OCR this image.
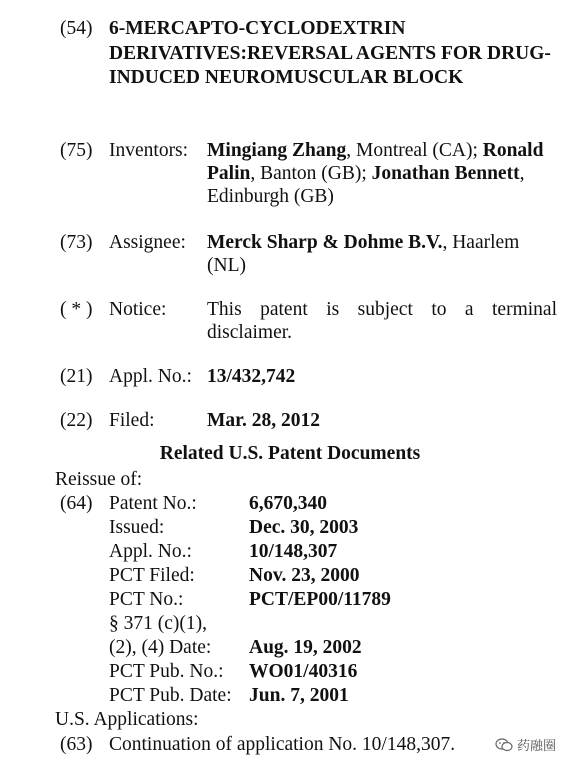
(54) 6-MERCAPTO-CYCLODEXTRIN DERIVATIVES:REVERSAL AGENTS FOR DRUG-INDUCED NEUROMUSCULAR BLOCK
(75) Inventors: Mingiang Zhang, Montreal (CA); Ronald Palin, Banton (GB); Jonathan Bennett, Edinburgh (GB)
(73) Assignee: Merck Sharp & Dohme B.V., Haarlem (NL)
( * ) Notice: This patent is subject to a terminal disclaimer.
(21) Appl. No.: 13/432,742
(22) Filed:	Mar. 28, 2012
Related U.S. Patent Documents
Reissue of:
(64) Patent No.:	6,670,340
Issued:	Dec. 30, 2003
Appl. No.:	10/148,307
PCT Filed:	Nov. 23, 2000
PCT No.:	PCT/EP00/11789
§ 371 (c)(1),
(2), (4) Date: Aug. 19, 2002
PCT Pub. No.: WO01/40316
PCT Pub. Date: Jun. 7, 2001
U.S. Applications:
(63) Continuation of application No. 10/148,307.	药融圈
